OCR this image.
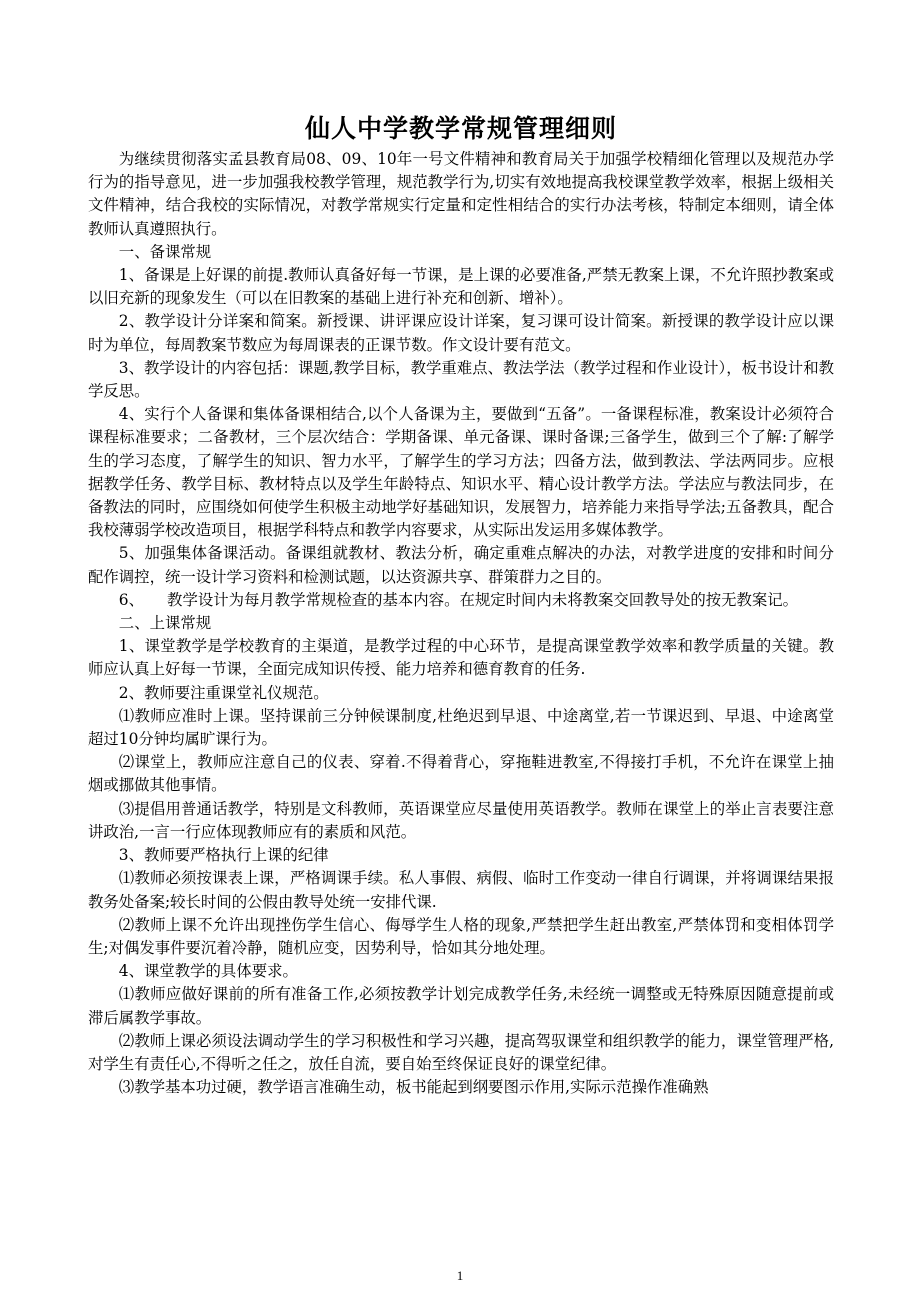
仙人中学教学常规管理细则

为继续贯彻落实孟县教育局08、09、10年一号文件精神和教育局关于加强学校精细化管理以及规范办学行为的指导意见，进一步加强我校教学管理，规范教学行为,切实有效地提高我校课堂教学效率，根据上级相关文件精神，结合我校的实际情况，对教学常规实行定量和定性相结合的实行办法考核，特制定本细则，请全体教师认真遵照执行。

一、备课常规

1、备课是上好课的前提.教师认真备好每一节课，是上课的必要准备,严禁无教案上课，不允许照抄教案或以旧充新的现象发生（可以在旧教案的基础上进行补充和创新、增补）。

2、教学设计分详案和简案。新授课、讲评课应设计详案，复习课可设计简案。新授课的教学设计应以课时为单位，每周教案节数应为每周课表的正课节数。作文设计要有范文。

3、教学设计的内容包括：课题,教学目标，教学重难点、教法学法（教学过程和作业设计），板书设计和教学反思。

4、实行个人备课和集体备课相结合,以个人备课为主，要做到“五备”。一备课程标准，教案设计必须符合课程标准要求；二备教材，三个层次结合：学期备课、单元备课、课时备课;三备学生，做到三个了解:了解学生的学习态度，了解学生的知识、智力水平，了解学生的学习方法；四备方法，做到教法、学法两同步。应根据教学任务、教学目标、教材特点以及学生年龄特点、知识水平、精心设计教学方法。学法应与教法同步，在备教法的同时，应围绕如何使学生积极主动地学好基础知识，发展智力，培养能力来指导学法;五备教具，配合我校薄弱学校改造项目，根据学科特点和教学内容要求，从实际出发运用多媒体教学。

5、加强集体备课活动。备课组就教材、教法分析，确定重难点解决的办法，对教学进度的安排和时间分配作调控，统一设计学习资料和检测试题，以达资源共享、群策群力之目的。

6、　　教学设计为每月教学常规检查的基本内容。在规定时间内未将教案交回教导处的按无教案记。

二、上课常规

1、课堂教学是学校教育的主渠道，是教学过程的中心环节，是提高课堂教学效率和教学质量的关键。教师应认真上好每一节课，全面完成知识传授、能力培养和德育教育的任务.

2、教师要注重课堂礼仪规范。

⑴教师应准时上课。坚持课前三分钟候课制度,杜绝迟到早退、中途离堂,若一节课迟到、早退、中途离堂超过10分钟均属旷课行为。

⑵课堂上，教师应注意自己的仪表、穿着.不得着背心，穿拖鞋进教室,不得接打手机，不允许在课堂上抽烟或挪做其他事情。

⑶提倡用普通话教学，特别是文科教师，英语课堂应尽量使用英语教学。教师在课堂上的举止言表要注意讲政治,一言一行应体现教师应有的素质和风范。

3、教师要严格执行上课的纪律

⑴教师必须按课表上课，严格调课手续。私人事假、病假、临时工作变动一律自行调课，并将调课结果报教务处备案;较长时间的公假由教导处统一安排代课.

⑵教师上课不允许出现挫伤学生信心、侮辱学生人格的现象,严禁把学生赶出教室,严禁体罚和变相体罚学生;对偶发事件要沉着冷静，随机应变，因势利导，恰如其分地处理。

4、课堂教学的具体要求。

⑴教师应做好课前的所有准备工作,必须按教学计划完成教学任务,未经统一调整或无特殊原因随意提前或滞后属教学事故。

⑵教师上课必须设法调动学生的学习积极性和学习兴趣，提高驾驭课堂和组织教学的能力，课堂管理严格,对学生有责任心,不得听之任之，放任自流，要自始至终保证良好的课堂纪律。

⑶教学基本功过硬，教学语言准确生动，板书能起到纲要图示作用,实际示范操作准确熟

1
